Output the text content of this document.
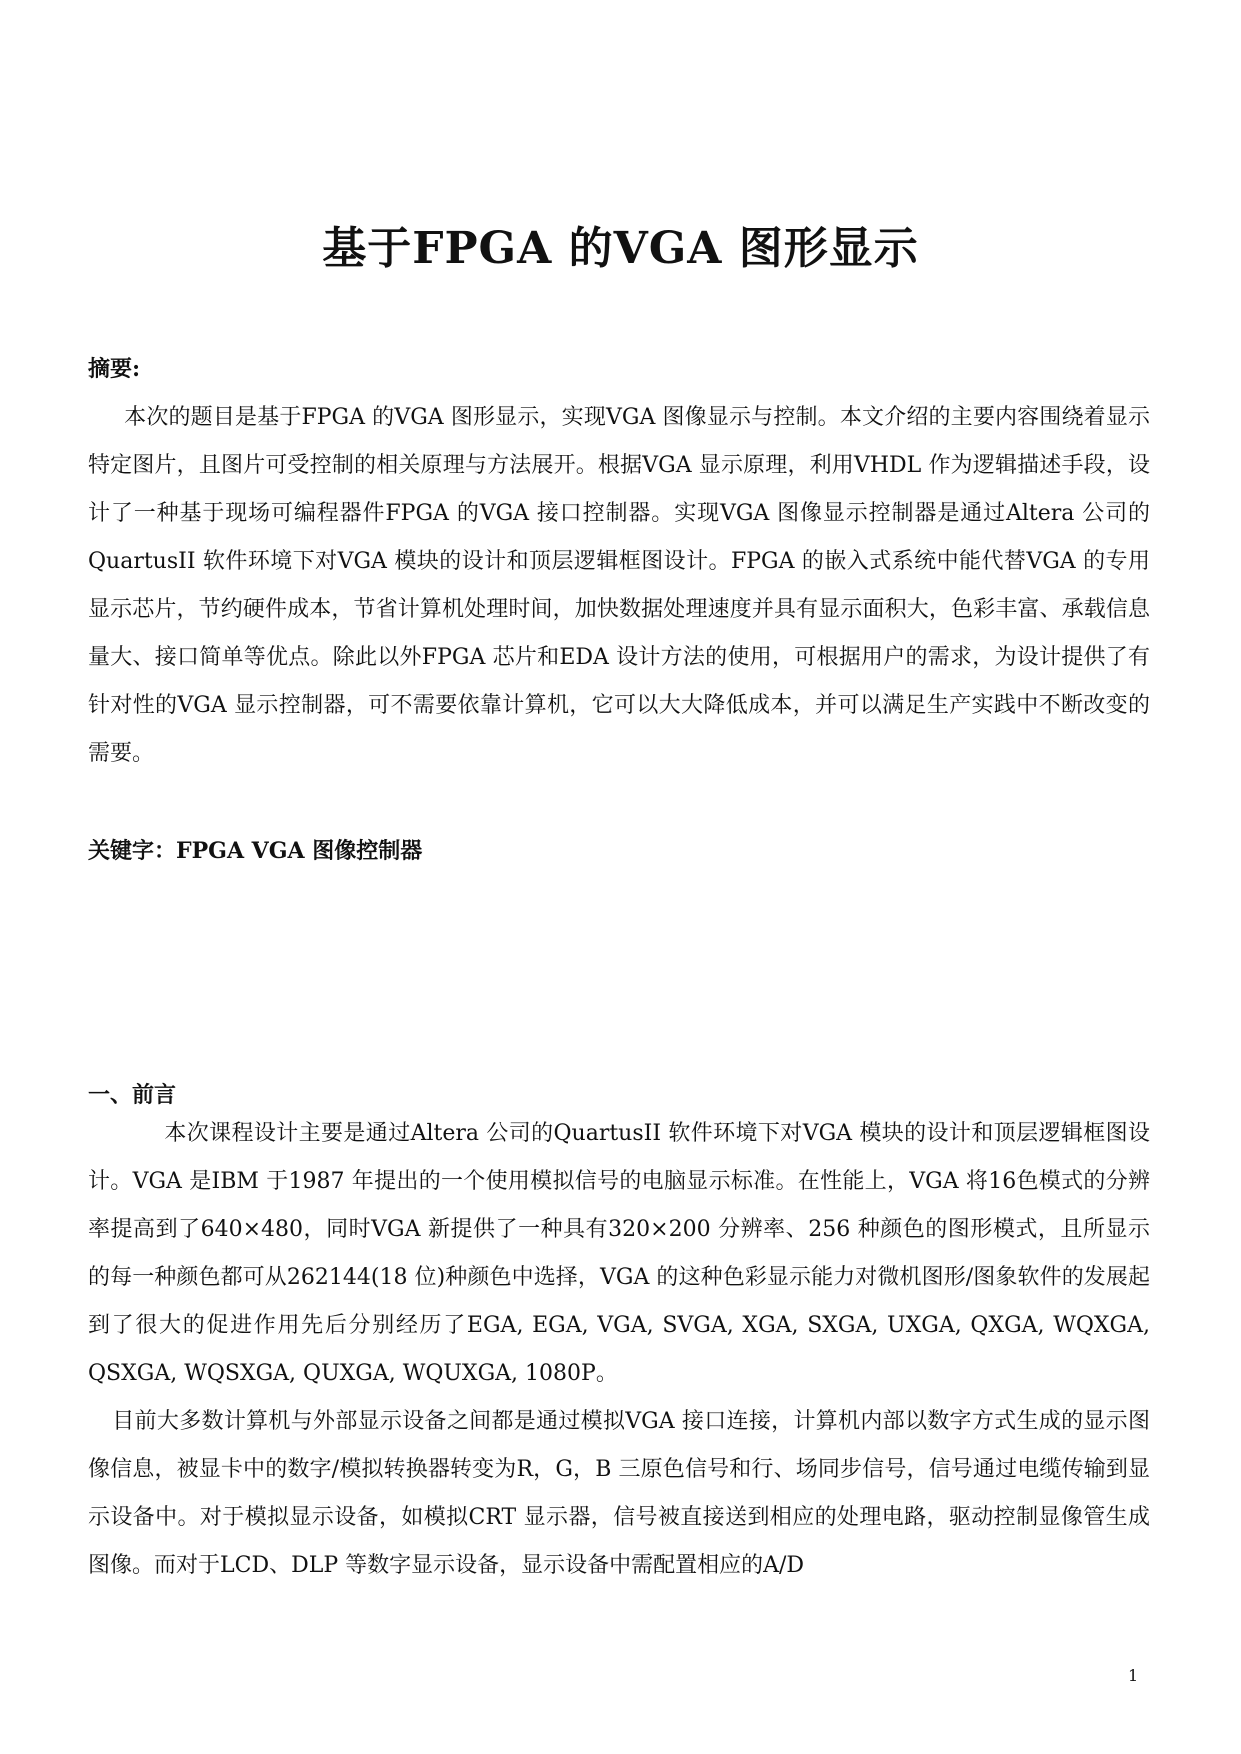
基于FPGA 的VGA 图形显示
摘要:
本次的题目是基于FPGA 的VGA 图形显示，实现VGA 图像显示与控制。本文介绍的主要内容围绕着显示特定图片，且图片可受控制的相关原理与方法展开。根据VGA 显示原理，利用VHDL 作为逻辑描述手段，设计了一种基于现场可编程器件FPGA 的VGA 接口控制器。实现VGA 图像显示控制器是通过Altera 公司的QuartusII 软件环境下对VGA 模块的设计和顶层逻辑框图设计。FPGA 的嵌入式系统中能代替VGA 的专用显示芯片，节约硬件成本，节省计算机处理时间，加快数据处理速度并具有显示面积大，色彩丰富、承载信息量大、接口简单等优点。除此以外FPGA 芯片和EDA 设计方法的使用，可根据用户的需求，为设计提供了有针对性的VGA 显示控制器，可不需要依靠计算机，它可以大大降低成本，并可以满足生产实践中不断改变的需要。
关键字：FPGA VGA 图像控制器
一、前言
本次课程设计主要是通过Altera 公司的QuartusII 软件环境下对VGA 模块的设计和顶层逻辑框图设计。VGA 是IBM 于1987 年提出的一个使用模拟信号的电脑显示标准。在性能上，VGA 将16色模式的分辨率提高到了640×480，同时VGA 新提供了一种具有320×200 分辨率、256 种颜色的图形模式，且所显示的每一种颜色都可从262144(18 位)种颜色中选择，VGA 的这种色彩显示能力对微机图形/图象软件的发展起到了很大的促进作用先后分别经历了EGA, EGA, VGA, SVGA, XGA, SXGA, UXGA, QXGA, WQXGA, QSXGA, WQSXGA, QUXGA, WQUXGA, 1080P。
目前大多数计算机与外部显示设备之间都是通过模拟VGA 接口连接，计算机内部以数字方式生成的显示图像信息，被显卡中的数字/模拟转换器转变为R，G，B 三原色信号和行、场同步信号，信号通过电缆传输到显示设备中。对于模拟显示设备，如模拟CRT 显示器，信号被直接送到相应的处理电路，驱动控制显像管生成图像。而对于LCD、DLP 等数字显示设备，显示设备中需配置相应的A/D
1
